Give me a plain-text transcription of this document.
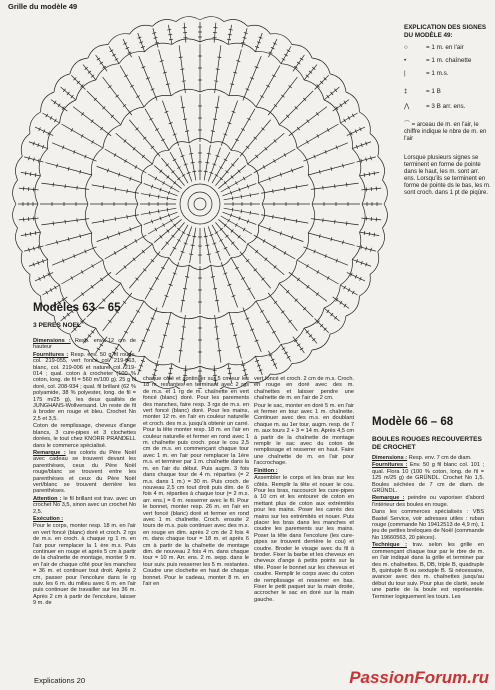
Grille du modèle 49
EXPLICATION DES SIGNES DU MODÈLE 49:
○	= 1 m. en l'air
•	= 1 m. chaînette
|	= 1 m.s.
‡	= 1 B
⋀	= 3 B arr. ens.
⌒ = arceau de m. en l'air, le chiffre indique le nbre de m. en l'air
Lorsque plusieurs signes se terminent en forme de pointe dans le haut, les m. sont arr. ens. Lorsqu'ils se terminent en forme de pointe ds le bas, les m. sont croch. dans 1 pt de piqûre.
Modèles 63 – 65
3 PERES NOEL

Dimensions : Resp. env. 12 cm de hauteur

Fournitures : Resp. env. 50 g fil rouge, col. 219-055, vert foncé col. 219-063, blanc, col. 219-006 et naturel col. 219-014 ; qual. coton à crocheter (100 % coton, long. de fil = 560 m/100 g). 25 g fil doré, col. 208-934 ; qual. fil brillant (62 % polyamide, 38 % polyester, long. de fil = 175 m/25 g), les deux qualités de JUNGHANS-Wollversand. Un reste de fil à broder en rouge et bleu. Crochet No 2,5 et 3,5.

Coton de remplissage, cheveux d'ange blancs, 3 cure-pipes et 3 clochettes dorées, le tout chez KNORR PRANDELL dans le commerce spécialisé.

Remarque : les coloris du Père Noël avec cadeau se trouvent devant les parenthèses, ceux du Père Noël rouge/blanc se trouvent entre les parenthèses et ceux du Père Noël vert/blanc se trouvent derrière les parenthèses.

Attention : le fil brillant est trav. avec un crochet No 3,5, sinon avec un crochet No 2,5.

Exécution :

Pour le corps, monter resp. 18 m. en l'air en vert foncé (blanc) doré et croch. 2 rgs de m.s. en croch. à chaque rg 1 m. en l'air pour remplacer la 1 ère m.s. Puis continuer en rouge et après 5 cm à partir de la chaînette de montage, monter 9 m. en l'air de chaque côté pour les manches = 36 m. et continuer tout droit. Après 2 cm, passer pour l'encolure dans le rg suiv. les 6 m. du milieu avec 6 m. en l'air puis continuer de travailler sur les 36 m. Après 2 cm à partir de l'encolure, laisser 9 m. de

chaque côté et continuer sur 5 cm sur les 18 m. restantes en terminant avec 2 rgs de m.s. et 1 rg de m. chaînette en vert foncé (blanc) doré. Pour les parements des manches, faire resp. 3 rgs de m.s. en vert foncé (blanc) doré. Pour les mains, monter 12 m. en l'air en couleur naturelle et croch. des m.s. jusqu'à obtenir un carré. Pour la tête monter resp. 18 m. en l'air en couleur naturelle et fermer en rond avec 1 m. chaînette puis croch. pour le cou 2,5 cm de m.s. en commençant chaque tour avec 1 m. en l'air pour remplacer la 1ère m.s. et terminer par 1 m. chaînette dans la m. en l'air du début. Puis augm. 3 fois dans chaque tour de 4 m. réparties (= 2 m.s. dans 1 m.) = 30 m. Puis croch. de nouveau 2,5 cm tout droit puis dim. de 6 fois 4 m. réparties à chaque tour (= 2 m.s. arr. ens.) = 6 m. resserrer avec le fil. Pour le bonnet, monter resp. 26 m. en l'air en vert foncé (blanc) doré et fermer en rond avec 1 m. chaînette. Croch. ensuite 2 tours de m.s. puis continuer avec des m.s. en rouge en dim. après 2 cm de 2 fois 4 m. dans chaque tour = 18 m. et après 6 cm à partir de la chaînette de montage dim. de nouveau 2 fois 4 m. dans chaque tour = 10 m. Arr. ens. 2 m. sepp. dans le tour suiv. puis resserrer les 5 m. restantes. Coudre une clochette en haut de chaque bonnet. Pour le cadeau, monter 8 m. en l'air en

vert foncé et croch. 2 cm de m.s. Croch. en rouge en doré avec des m. chaînettes et laisser pendre une chaînette de m. en l'air de 2 cm.

Pour le sac, monter en doré 5 m. en l'air et fermer en tour avec 1 m. chaînette. Continuer avec des m.s. en doublant chaque m. au 1er tour, augm. resp. de 7 m. aux tours 2 + 3 = 14 m. Après 4,5 cm à partir de la chaînette de montage remplir le sac avec du coton de remplissage et resserrer en haut. Faire une chaînette de m. en l'air pour l'accrochage.

Finition :

Assembler le corps et les bras sur les côtés. Remplir la tête et nouer le cou. Pour les bras, raccourcir les cure-pipes à 10 cm et les entourer de coton en mettant plus de coton aux extrémités pour les mains. Poser les carrés des mains sur les extrémités et nouer. Puis placer les bras dans les manches et coudre les parements sur les mains. Poser la tête dans l'encolure (les cure-pipes se trouvent derrière le cou) et coudre. Broder le visage avec du fil à broder. Fixer la barbe et les cheveux en cheveux d'ange à petits points sur la tête. Poser le bonnet sur les cheveux et coudre. Remplir le corps avec du coton de remplissage et resserrer en bas. Fixer le petit paquet sur la main droite, accrocher le sac en doré sur la main gauche.

Modèle 66 – 68
BOULES ROUGES RECOUVERTES DE CROCHET

Dimensions : Resp. env. 7 cm de diam.

Fournitures : Env. 50 g fil blanc col. 101 ; qual. Flora 10 (100 % coton, long. de fil = 125 m/25 g) de GRÜNDL. Crochet No 1,5. Boules séchées de 7 cm de diam. de GRÜNDL.

Remarque : peindre ou vaporiser d'abord l'intérieur des boules en rouge.

Dans les commerces spécialisés : VBS Bastel Service, voir adresses utiles : ruban rouge (commande No 19412513 de 4,9 m), 1 jeu de petites breloques de Noël (commande No 19660563, 20 pièces).

Technique : trav. selon les grille en commençant chaque tour par le rbre de m. en l'air indiqué dans la grille et terminer par des m. chaînettes. B, DB, triple B, quadruple B, quintuple B ou sextuple B. Si nécessaire, avancer avec des m. chaînettes jusqu'au début du tour suiv. Pour plus de clarté, seule une partie de la boule est représentée. Terminer logiquement les tours. Les

Explications 20	PassionForum.ru
